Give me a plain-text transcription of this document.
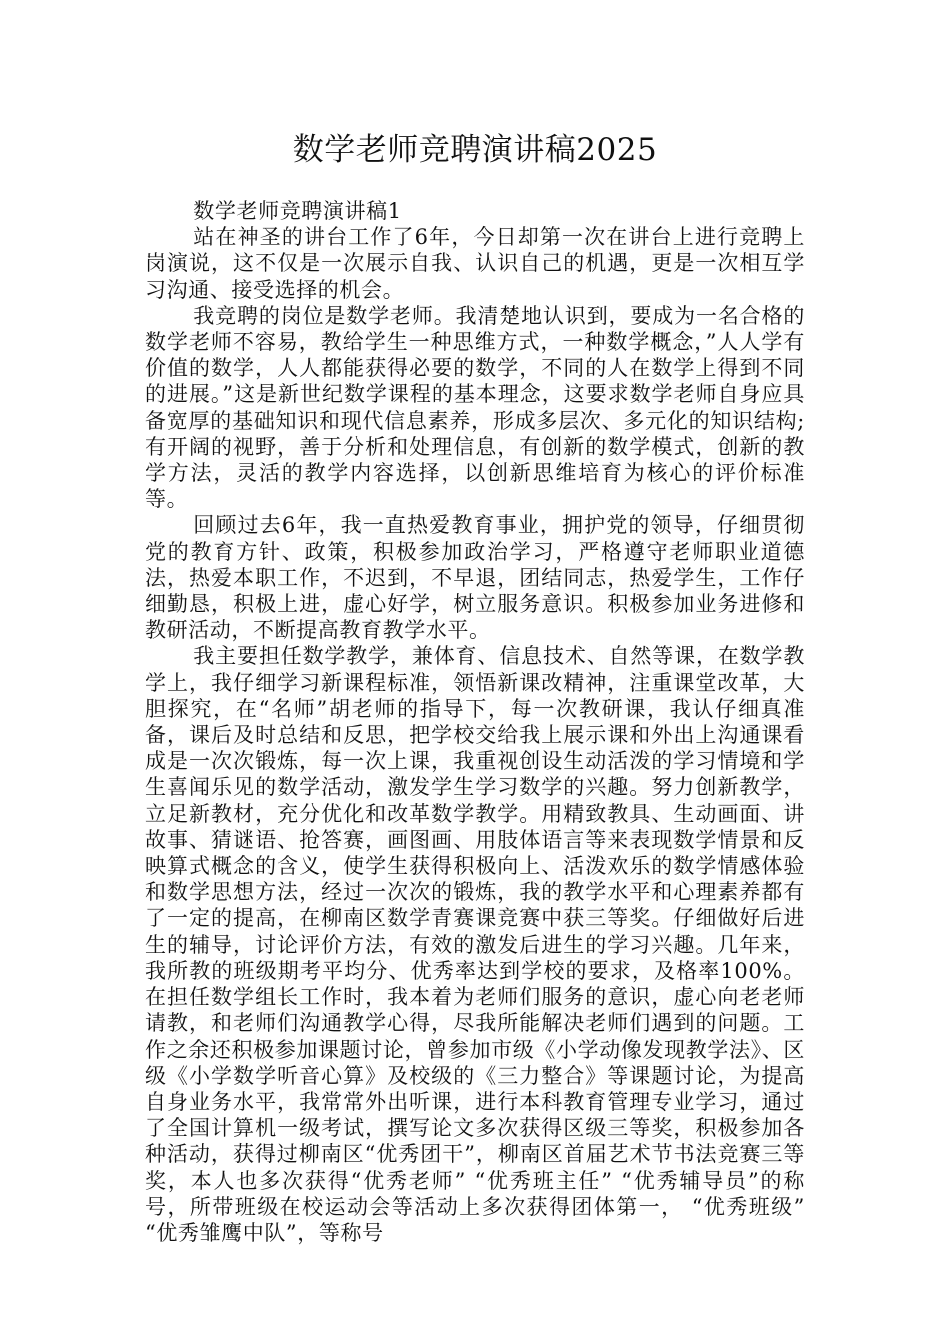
数学老师竞聘演讲稿2025

数学老师竞聘演讲稿1

站在神圣的讲台工作了6年，今日却第一次在讲台上进行竞聘上岗演说，这不仅是一次展示自我、认识自己的机遇，更是一次相互学习沟通、接受选择的机会。

我竞聘的岗位是数学老师。我清楚地认识到，要成为一名合格的数学老师不容易，教给学生一种思维方式，一种数学概念，”人人学有价值的数学，人人都能获得必要的数学，不同的人在数学上得到不同的进展。”这是新世纪数学课程的基本理念，这要求数学老师自身应具备宽厚的基础知识和现代信息素养，形成多层次、多元化的知识结构;有开阔的视野，善于分析和处理信息，有创新的数学模式，创新的教学方法，灵活的教学内容选择，以创新思维培育为核心的评价标准等。

回顾过去6年，我一直热爱教育事业，拥护党的领导，仔细贯彻党的教育方针、政策，积极参加政治学习，严格遵守老师职业道德法，热爱本职工作，不迟到，不早退，团结同志，热爱学生，工作仔细勤恳，积极上进，虚心好学，树立服务意识。积极参加业务进修和教研活动，不断提高教育教学水平。

我主要担任数学教学，兼体育、信息技术、自然等课，在数学教学上，我仔细学习新课程标准，领悟新课改精神，注重课堂改革，大胆探究，在“名师”胡老师的指导下，每一次教研课，我认仔细真准备，课后及时总结和反思，把学校交给我上展示课和外出上沟通课看成是一次次锻炼，每一次上课，我重视创设生动活泼的学习情境和学生喜闻乐见的数学活动，激发学生学习数学的兴趣。努力创新教学，立足新教材，充分优化和改革数学教学。用精致教具、生动画面、讲故事、猜谜语、抢答赛，画图画、用肢体语言等来表现数学情景和反映算式概念的含义，使学生获得积极向上、活泼欢乐的数学情感体验和数学思想方法，经过一次次的锻炼，我的教学水平和心理素养都有了一定的提高，在柳南区数学青赛课竞赛中获三等奖。仔细做好后进生的辅导，讨论评价方法，有效的激发后进生的学习兴趣。几年来，我所教的班级期考平均分、优秀率达到学校的要求，及格率100%。在担任数学组长工作时，我本着为老师们服务的意识，虚心向老老师请教，和老师们沟通教学心得，尽我所能解决老师们遇到的问题。工作之余还积极参加课题讨论，曾参加市级《小学动像发现教学法》、区级《小学数学听音心算》及校级的《三力整合》等课题讨论，为提高自身业务水平，我常常外出听课，进行本科教育管理专业学习，通过了全国计算机一级考试，撰写论文多次获得区级三等奖，积极参加各种活动，获得过柳南区“优秀团干”，柳南区首届艺术节书法竞赛三等奖，本人也多次获得“优秀老师” “优秀班主任” “优秀辅导员”的称号，所带班级在校运动会等活动上多次获得团体第一， “优秀班级” “优秀雏鹰中队”，等称号
